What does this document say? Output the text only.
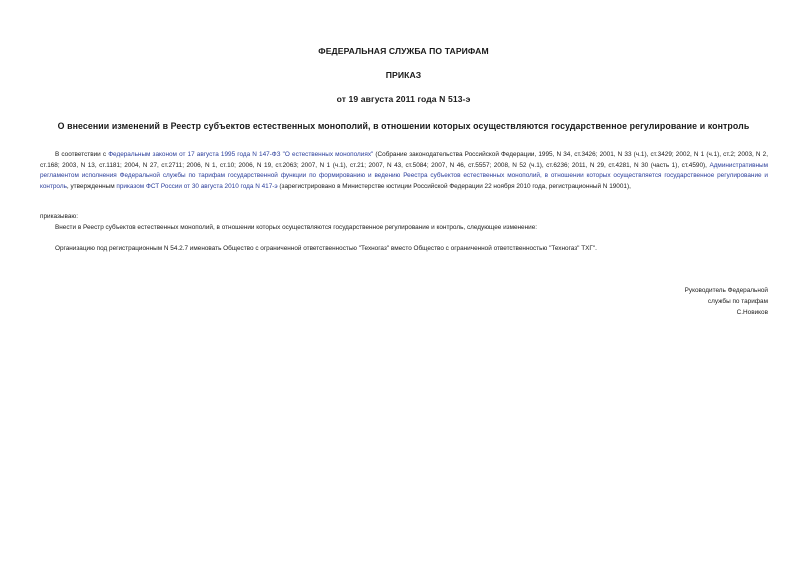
ФЕДЕРАЛЬНАЯ СЛУЖБА ПО ТАРИФАМ
ПРИКАЗ
от 19 августа 2011 года N 513-э
О внесении изменений в Реестр субъектов естественных монополий, в отношении которых осуществляются государственное регулирование и контроль
В соответствии с Федеральным законом от 17 августа 1995 года N 147-ФЗ "О естественных монополиях" (Собрание законодательства Российской Федерации, 1995, N 34, ст.3426; 2001, N 33 (ч.1), ст.3429; 2002, N 1 (ч.1), ст.2; 2003, N 2, ст.168; 2003, N 13, ст.1181; 2004, N 27, ст.2711; 2006, N 1, ст.10; 2006, N 19, ст.2063; 2007, N 1 (ч.1), ст.21; 2007, N 43, ст.5084; 2007, N 46, ст.5557; 2008, N 52 (ч.1), ст.6236; 2011, N 29, ст.4281, N 30 (часть 1), ст.4590), Административным регламентом исполнения Федеральной службы по тарифам государственной функции по формированию и ведению Реестра субъектов естественных монополий, в отношении которых осуществляется государственное регулирование и контроль, утвержденным приказом ФСТ России от 30 августа 2010 года N 417-э (зарегистрировано в Министерстве юстиции Российской Федерации 22 ноября 2010 года, регистрационный N 19001),
приказываю:
Внести в Реестр субъектов естественных монополий, в отношении которых осуществляются государственное регулирование и контроль, следующее изменение:
Организацию под регистрационным N 54.2.7 именовать Общество с ограниченной ответственностью "Техногаз" вместо Общество с ограниченной ответственностью "Техногаз" ТХГ".
Руководитель Федеральной
службы по тарифам
С.Новиков
